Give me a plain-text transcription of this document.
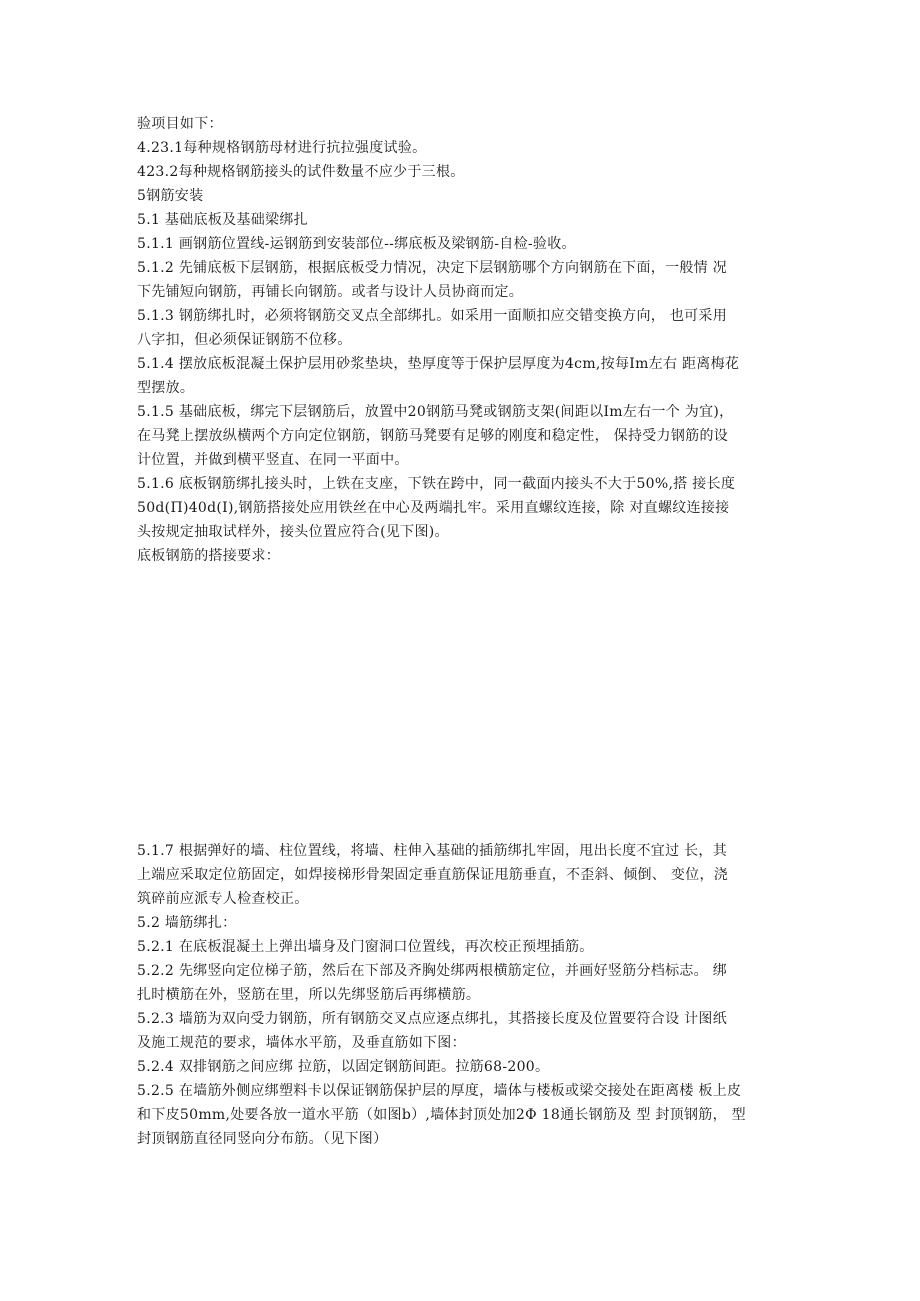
验项目如下：
4.23.1每种规格钢筋母材进行抗拉强度试验。
423.2每种规格钢筋接头的试件数量不应少于三根。
5钢筋安装
5.1 基础底板及基础梁绑扎
5.1.1 画钢筋位置线-运钢筋到安装部位--绑底板及梁钢筋-自检-验收。
5.1.2 先铺底板下层钢筋，根据底板受力情况，决定下层钢筋哪个方向钢筋在下面，一般情 况
下先铺短向钢筋，再铺长向钢筋。或者与设计人员协商而定。
5.1.3 钢筋绑扎时，必须将钢筋交叉点全部绑扎。如采用一面顺扣应交错变换方向， 也可采用
八字扣，但必须保证钢筋不位移。
5.1.4 摆放底板混凝土保护层用砂浆垫块，垫厚度等于保护层厚度为4cm,按每Im左右 距离梅花
型摆放。
5.1.5 基础底板，绑完下层钢筋后，放置中20钢筋马凳或钢筋支架(间距以Im左右一个 为宜)，
在马凳上摆放纵横两个方向定位钢筋，钢筋马凳要有足够的刚度和稳定性， 保持受力钢筋的设
计位置，并做到横平竖直、在同一平面中。
5.1.6 底板钢筋绑扎接头时，上铁在支座，下铁在跨中，同一截面内接头不大于50%,搭 接长度
50d(Π)40d(I),钢筋搭接处应用铁丝在中心及两端扎牢。采用直螺纹连接，除 对直螺纹连接接
头按规定抽取试样外，接头位置应符合(见下图)。
底板钢筋的搭接要求：
5.1.7 根据弹好的墙、柱位置线，将墙、柱伸入基础的插筋绑扎牢固，甩出长度不宜过 长，其
上端应采取定位筋固定，如焊接梯形骨架固定垂直筋保证甩筋垂直，不歪斜、倾倒、 变位，浇
筑碎前应派专人检查校正。
5.2 墙筋绑扎：
5.2.1 在底板混凝土上弹出墙身及门窗洞口位置线，再次校正预埋插筋。
5.2.2 先绑竖向定位梯子筋，然后在下部及齐胸处绑两根横筋定位，并画好竖筋分档标志。 绑
扎时横筋在外，竖筋在里，所以先绑竖筋后再绑横筋。
5.2.3 墙筋为双向受力钢筋，所有钢筋交叉点应逐点绑扎，其搭接长度及位置要符合设 计图纸
及施工规范的要求，墙体水平筋，及垂直筋如下图：
5.2.4 双排钢筋之间应绑 拉筋，以固定钢筋间距。拉筋68-200。
5.2.5 在墙筋外侧应绑塑料卡以保证钢筋保护层的厚度，墙体与楼板或梁交接处在距离楼 板上皮
和下皮50mm,处要各放一道水平筋（如图b）,墙体封顶处加2Φ 18通长钢筋及 型 封顶钢筋， 型
封顶钢筋直径同竖向分布筋。（见下图）
